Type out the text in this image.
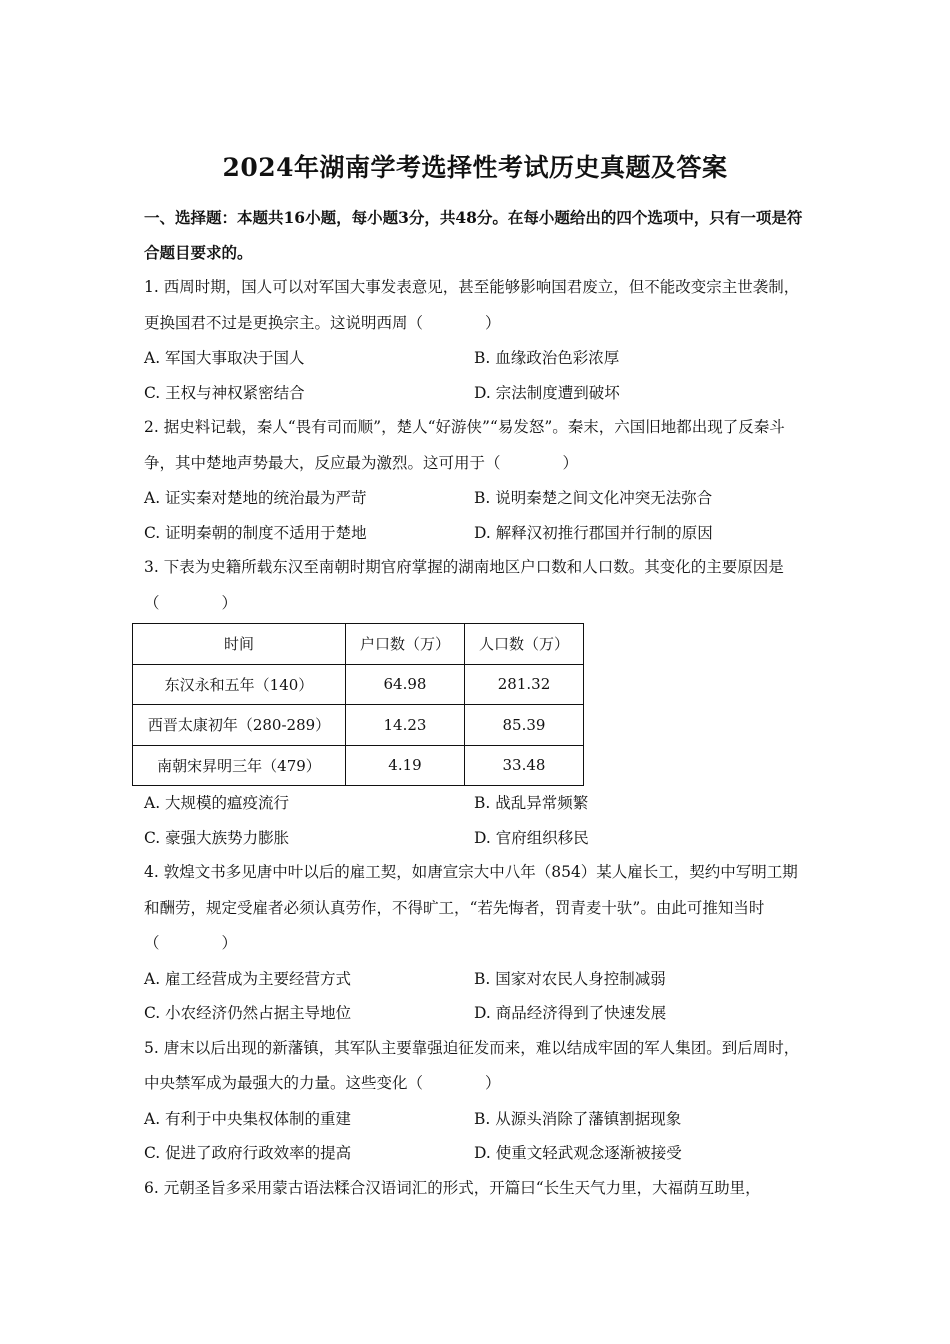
2024年湖南学考选择性考试历史真题及答案

一、选择题：本题共16小题，每小题3分，共48分。在每小题给出的四个选项中，只有一项是符合题目要求的。

1. 西周时期，国人可以对军国大事发表意见，甚至能够影响国君废立，但不能改变宗主世袭制，更换国君不过是更换宗主。这说明西周（　　　　）

A. 军国大事取决于国人	B. 血缘政治色彩浓厚
C. 王权与神权紧密结合	D. 宗法制度遭到破坏

2. 据史料记载，秦人“畏有司而顺”，楚人“好游侠”“易发怒”。秦末，六国旧地都出现了反秦斗争，其中楚地声势最大，反应最为激烈。这可用于（　　　　）

A. 证实秦对楚地的统治最为严苛	B. 说明秦楚之间文化冲突无法弥合
C. 证明秦朝的制度不适用于楚地	D. 解释汉初推行郡国并行制的原因

3. 下表为史籍所载东汉至南朝时期官府掌握的湖南地区户口数和人口数。其变化的主要原因是（　　　　）

时间	户口数（万）	人口数（万）
东汉永和五年（140）	64.98	281.32
西晋太康初年（280-289）	14.23	85.39
南朝宋昇明三年（479）	4.19	33.48
A. 大规模的瘟疫流行	B. 战乱异常频繁
C. 豪强大族势力膨胀	D. 官府组织移民

4. 敦煌文书多见唐中叶以后的雇工契，如唐宣宗大中八年（854）某人雇长工，契约中写明工期和酬劳，规定受雇者必须认真劳作，不得旷工，“若先悔者，罚青麦十驮”。由此可推知当时（　　　　）

A. 雇工经营成为主要经营方式	B. 国家对农民人身控制减弱
C. 小农经济仍然占据主导地位	D. 商品经济得到了快速发展

5. 唐末以后出现的新藩镇，其军队主要靠强迫征发而来，难以结成牢固的军人集团。到后周时，中央禁军成为最强大的力量。这些变化（　　　　）

A. 有利于中央集权体制的重建	B. 从源头消除了藩镇割据现象
C. 促进了政府行政效率的提高	D. 使重文轻武观念逐渐被接受

6. 元朝圣旨多采用蒙古语法糅合汉语词汇的形式，开篇曰“长生天气力里，大福荫互助里，
